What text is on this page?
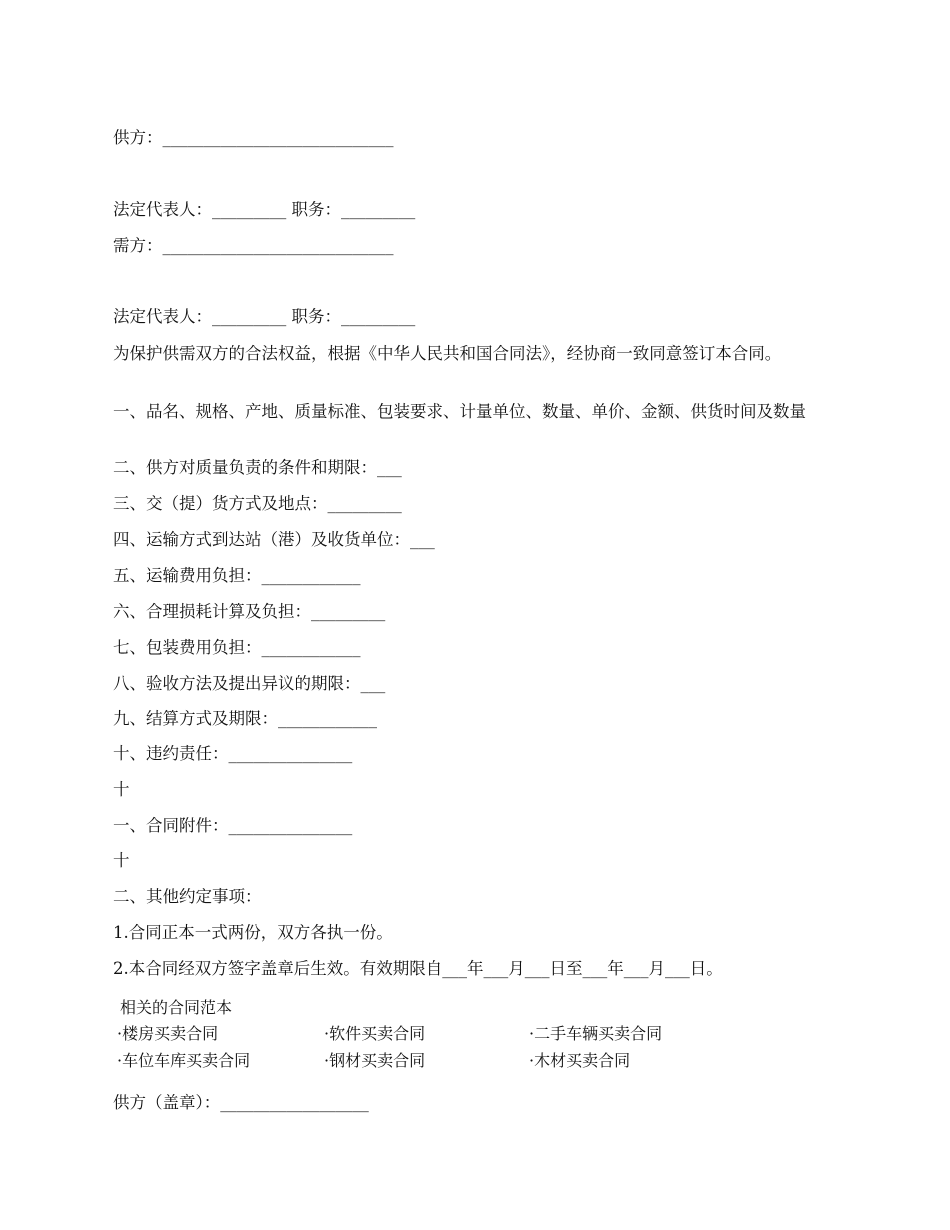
供方：____________________________
法定代表人：_________ 职务：_________
需方：____________________________
法定代表人：_________ 职务：_________
为保护供需双方的合法权益，根据《中华人民共和国合同法》，经协商一致同意签订本合同。
一、品名、规格、产地、质量标准、包装要求、计量单位、数量、单价、金额、供货时间及数量
二、供方对质量负责的条件和期限：___
三、交（提）货方式及地点：_________
四、运输方式到达站（港）及收货单位：___
五、运输费用负担：____________
六、合理损耗计算及负担：_________
七、包装费用负担：____________
八、验收方法及提出异议的期限：___
九、结算方式及期限：____________
十、违约责任：_______________
十
一、合同附件：_______________
十
二、其他约定事项：
1.合同正本一式两份，双方各执一份。
2.本合同经双方签字盖章后生效。有效期限自___年___月___日至___年___月___日。
相关的合同范本
·楼房买卖合同	·软件买卖合同	·二手车辆买卖合同
·车位车库买卖合同	·钢材买卖合同	·木材买卖合同
供方（盖章）：__________________
